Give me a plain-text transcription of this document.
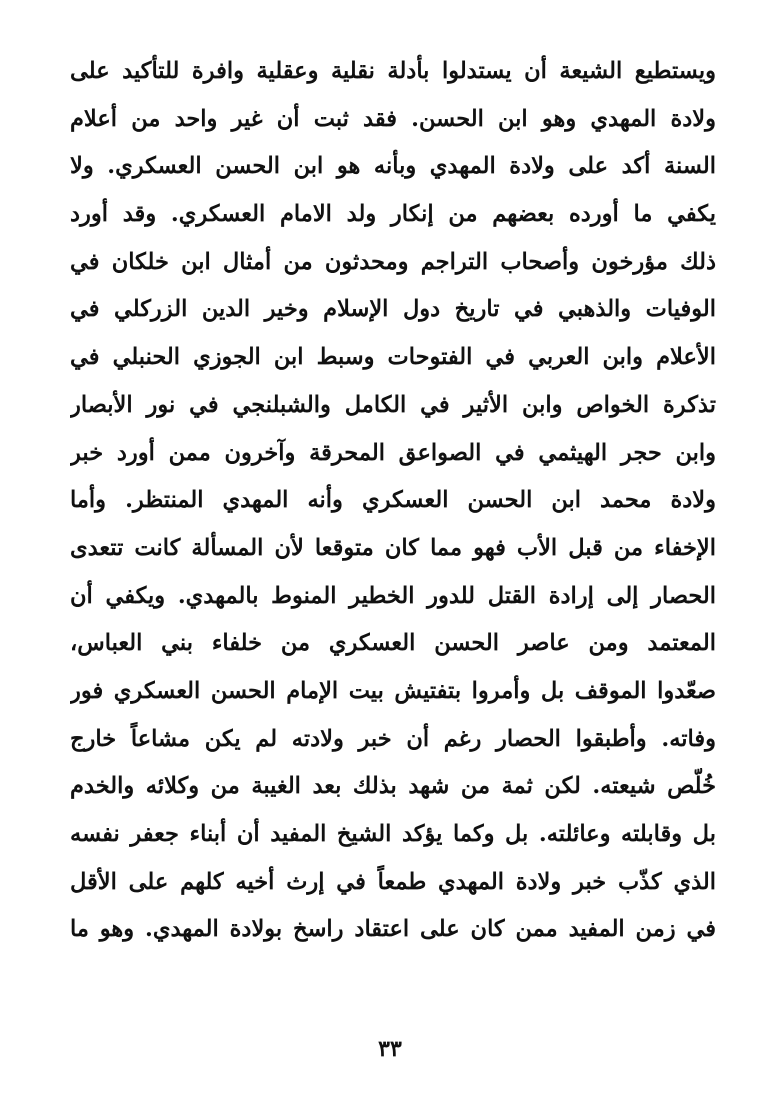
ويستطيع الشيعة أن يستدلوا بأدلة نقلية وعقلية وافرة للتأكيد على
ولادة المهدي وهو ابن الحسن. فقد ثبت أن غير واحد من أعلام
السنة أكد على ولادة المهدي وبأنه هو ابن الحسن العسكري. ولا
يكفي ما أورده بعضهم من إنكار ولد الامام العسكري. وقد أورد
ذلك مؤرخون وأصحاب التراجم ومحدثون من أمثال ابن خلكان في
الوفيات والذهبي في تاريخ دول الإسلام وخير الدين الزركلي في
الأعلام وابن العربي في الفتوحات وسبط ابن الجوزي الحنبلي في
تذكرة الخواص وابن الأثير في الكامل والشبلنجي في نور الأبصار
وابن حجر الهيثمي في الصواعق المحرقة وآخرون ممن أورد خبر
ولادة محمد ابن الحسن العسكري وأنه المهدي المنتظر. وأما
الإخفاء من قبل الأب فهو مما كان متوقعا لأن المسألة كانت تتعدى
الحصار إلى إرادة القتل للدور الخطير المنوط بالمهدي. ويكفي أن
المعتمد ومن عاصر الحسن العسكري من خلفاء بني العباس،
صعّدوا الموقف بل وأمروا بتفتيش بيت الإمام الحسن العسكري فور
وفاته. وأطبقوا الحصار رغم أن خبر ولادته لم يكن مشاعاً خارج
خُلّص شيعته. لكن ثمة من شهد بذلك بعد الغيبة من وكلائه والخدم
بل وقابلته وعائلته. بل وكما يؤكد الشيخ المفيد أن أبناء جعفر نفسه
الذي كذّب خبر ولادة المهدي طمعاً في إرث أخيه كلهم على الأقل
في زمن المفيد ممن كان على اعتقاد راسخ بولادة المهدي. وهو ما
٣٣
